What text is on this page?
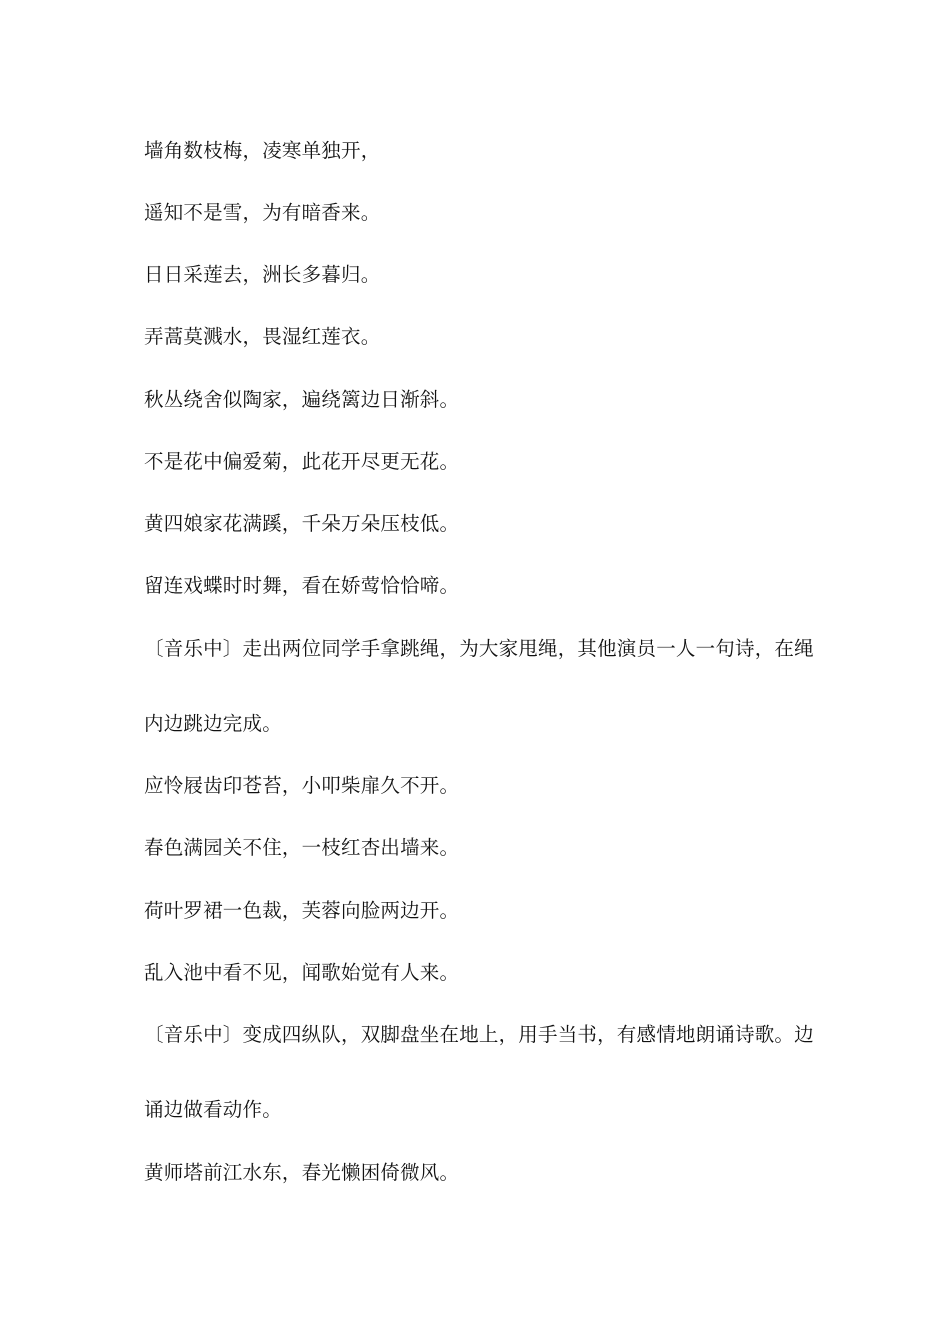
墙角数枝梅，凌寒单独开，
遥知不是雪，为有暗香来。
日日采莲去，洲长多暮归。
弄蒿莫溅水，畏湿红莲衣。
秋丛绕舍似陶家，遍绕篱边日渐斜。
不是花中偏爱菊，此花开尽更无花。
黄四娘家花满蹊，千朵万朵压枝低。
留连戏蝶时时舞，看在娇莺恰恰啼。
〔音乐中〕走出两位同学手拿跳绳，为大家甩绳，其他演员一人一句诗，在绳
内边跳边完成。
应怜屐齿印苍苔，小叩柴扉久不开。
春色满园关不住，一枝红杏出墙来。
荷叶罗裙一色裁，芙蓉向脸两边开。
乱入池中看不见，闻歌始觉有人来。
〔音乐中〕变成四纵队，双脚盘坐在地上，用手当书，有感情地朗诵诗歌。边
诵边做看动作。
黄师塔前江水东，春光懒困倚微风。
